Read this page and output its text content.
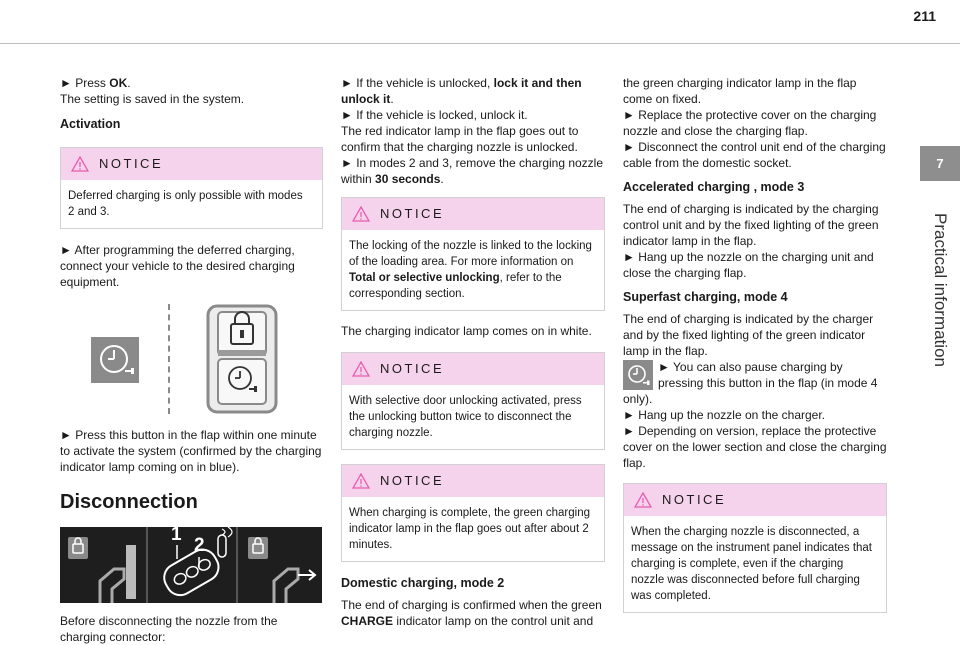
211
7
Practical information

► Press OK.

The setting is saved in the system.

Activation

NOTICE
Deferred charging is only possible with modes 2 and 3.

► After programming the deferred charging, connect your vehicle to the desired charging equipment.

► Press this button in the flap within one minute to activate the system (confirmed by the charging indicator lamp coming on in blue).

Disconnection

1
2

Before disconnecting the nozzle from the charging connector:

► If the vehicle is unlocked, lock it and then unlock it.

► If the vehicle is locked, unlock it.

The red indicator lamp in the flap goes out to confirm that the charging nozzle is unlocked.

► In modes 2 and 3, remove the charging nozzle within 30 seconds.

NOTICE
The locking of the nozzle is linked to the locking of the loading area. For more information on Total or selective unlocking, refer to the corresponding section.

The charging indicator lamp comes on in white.

NOTICE
With selective door unlocking activated, press the unlocking button twice to disconnect the charging nozzle.
NOTICE
When charging is complete, the green charging indicator lamp in the flap goes out after about 2 minutes.

Domestic charging, mode 2

The end of charging is confirmed when the green CHARGE indicator lamp on the control unit and

the green charging indicator lamp in the flap come on fixed.

► Replace the protective cover on the charging nozzle and close the charging flap.

► Disconnect the control unit end of the charging cable from the domestic socket.

Accelerated charging , mode 3

The end of charging is indicated by the charging control unit and by the fixed lighting of the green indicator lamp in the flap.

► Hang up the nozzle on the charging unit and close the charging flap.

Superfast charging, mode 4

The end of charging is indicated by the charger and by the fixed lighting of the green indicator lamp in the flap.

► You can also pause charging by pressing this button in the flap (in mode 4 only).

► Hang up the nozzle on the charger.

► Depending on version, replace the protective cover on the lower section and close the charging flap.

NOTICE
When the charging nozzle is disconnected, a message on the instrument panel indicates that charging is complete, even if the charging nozzle was disconnected before full charging was completed.
